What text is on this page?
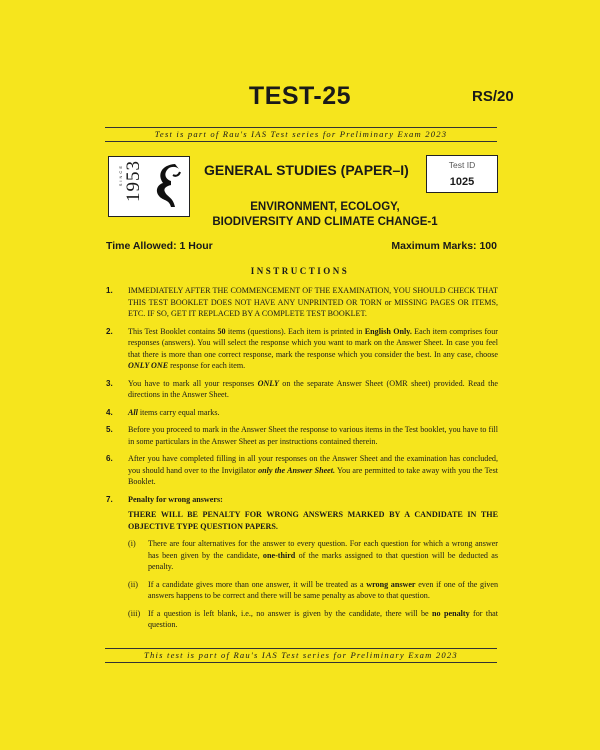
TEST-25	RS/20
Test is part of Rau's IAS Test series for Preliminary Exam 2023
SINCE 1953	GENERAL STUDIES (PAPER–I)	Test ID
1025
ENVIRONMENT, ECOLOGY,
BIODIVERSITY AND CLIMATE CHANGE-1
Time Allowed: 1 Hour	Maximum Marks: 100
INSTRUCTIONS
1. IMMEDIATELY AFTER THE COMMENCEMENT OF THE EXAMINATION, YOU SHOULD CHECK THAT THIS TEST BOOKLET DOES NOT HAVE ANY UNPRINTED OR TORN or MISSING PAGES OR ITEMS, ETC. IF SO, GET IT REPLACED BY A COMPLETE TEST BOOKLET.
2. This Test Booklet contains 50 items (questions). Each item is printed in English Only. Each item comprises four responses (answers). You will select the response which you want to mark on the Answer Sheet. In case you feel that there is more than one correct response, mark the response which you consider the best. In any case, choose ONLY ONE response for each item.
3. You have to mark all your responses ONLY on the separate Answer Sheet (OMR sheet) provided. Read the directions in the Answer Sheet.
4. All items carry equal marks.
5. Before you proceed to mark in the Answer Sheet the response to various items in the Test booklet, you have to fill in some particulars in the Answer Sheet as per instructions contained therein.
6. After you have completed filling in all your responses on the Answer Sheet and the examination has concluded, you should hand over to the Invigilator only the Answer Sheet. You are permitted to take away with you the Test Booklet.
7. Penalty for wrong answers:
THERE WILL BE PENALTY FOR WRONG ANSWERS MARKED BY A CANDIDATE IN THE OBJECTIVE TYPE QUESTION PAPERS.
(i) There are four alternatives for the answer to every question. For each question for which a wrong answer has been given by the candidate, one-third of the marks assigned to that question will be deducted as penalty.
(ii) If a candidate gives more than one answer, it will be treated as a wrong answer even if one of the given answers happens to be correct and there will be same penalty as above to that question.
(iii) If a question is left blank, i.e., no answer is given by the candidate, there will be no penalty for that question.
This test is part of Rau's IAS Test series for Preliminary Exam 2023
